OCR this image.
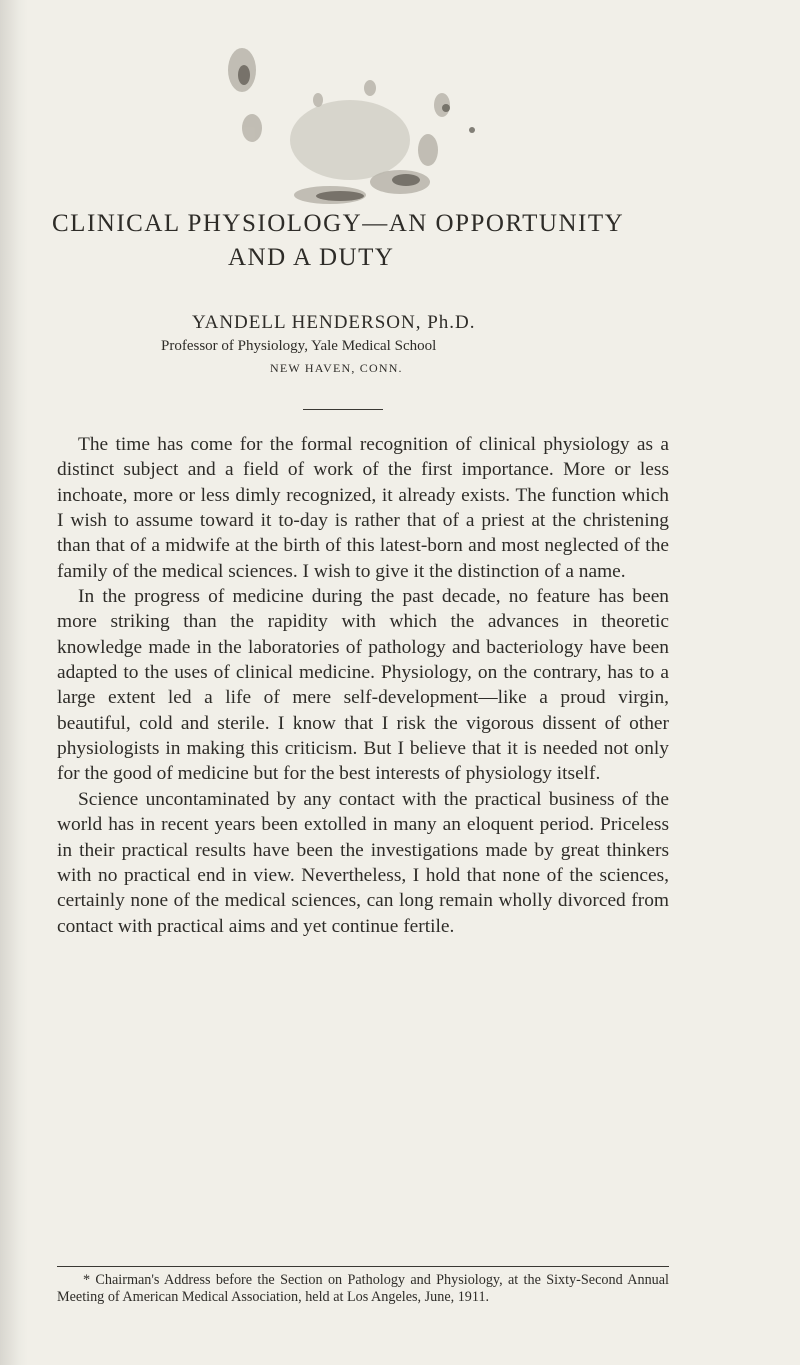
CLINICAL PHYSIOLOGY—AN OPPORTUNITY
AND A DUTY
YANDELL HENDERSON, Ph.D.
Professor of Physiology, Yale Medical School
NEW HAVEN, CONN.

The time has come for the formal recognition of clinical physiology as a distinct subject and a field of work of the first importance. More or less inchoate, more or less dimly recognized, it already exists. The function which I wish to assume toward it to-day is rather that of a priest at the christening than that of a midwife at the birth of this latest-born and most neglected of the family of the medical sciences. I wish to give it the distinction of a name.

In the progress of medicine during the past decade, no feature has been more striking than the rapidity with which the advances in theoretic knowledge made in the laboratories of pathology and bacteriology have been adapted to the uses of clinical medicine. Physiology, on the contrary, has to a large extent led a life of mere self-development—like a proud virgin, beautiful, cold and sterile. I know that I risk the vigorous dissent of other physiologists in making this criticism. But I believe that it is needed not only for the good of medicine but for the best interests of physiology itself.

Science uncontaminated by any contact with the practical business of the world has in recent years been extolled in many an eloquent period. Priceless in their practical results have been the investigations made by great thinkers with no practical end in view. Nevertheless, I hold that none of the sciences, certainly none of the medical sciences, can long remain wholly divorced from contact with practical aims and yet continue fertile.

* Chairman's Address before the Section on Pathology and Physiology, at the Sixty-Second Annual Meeting of American Medical Association, held at Los Angeles, June, 1911.
